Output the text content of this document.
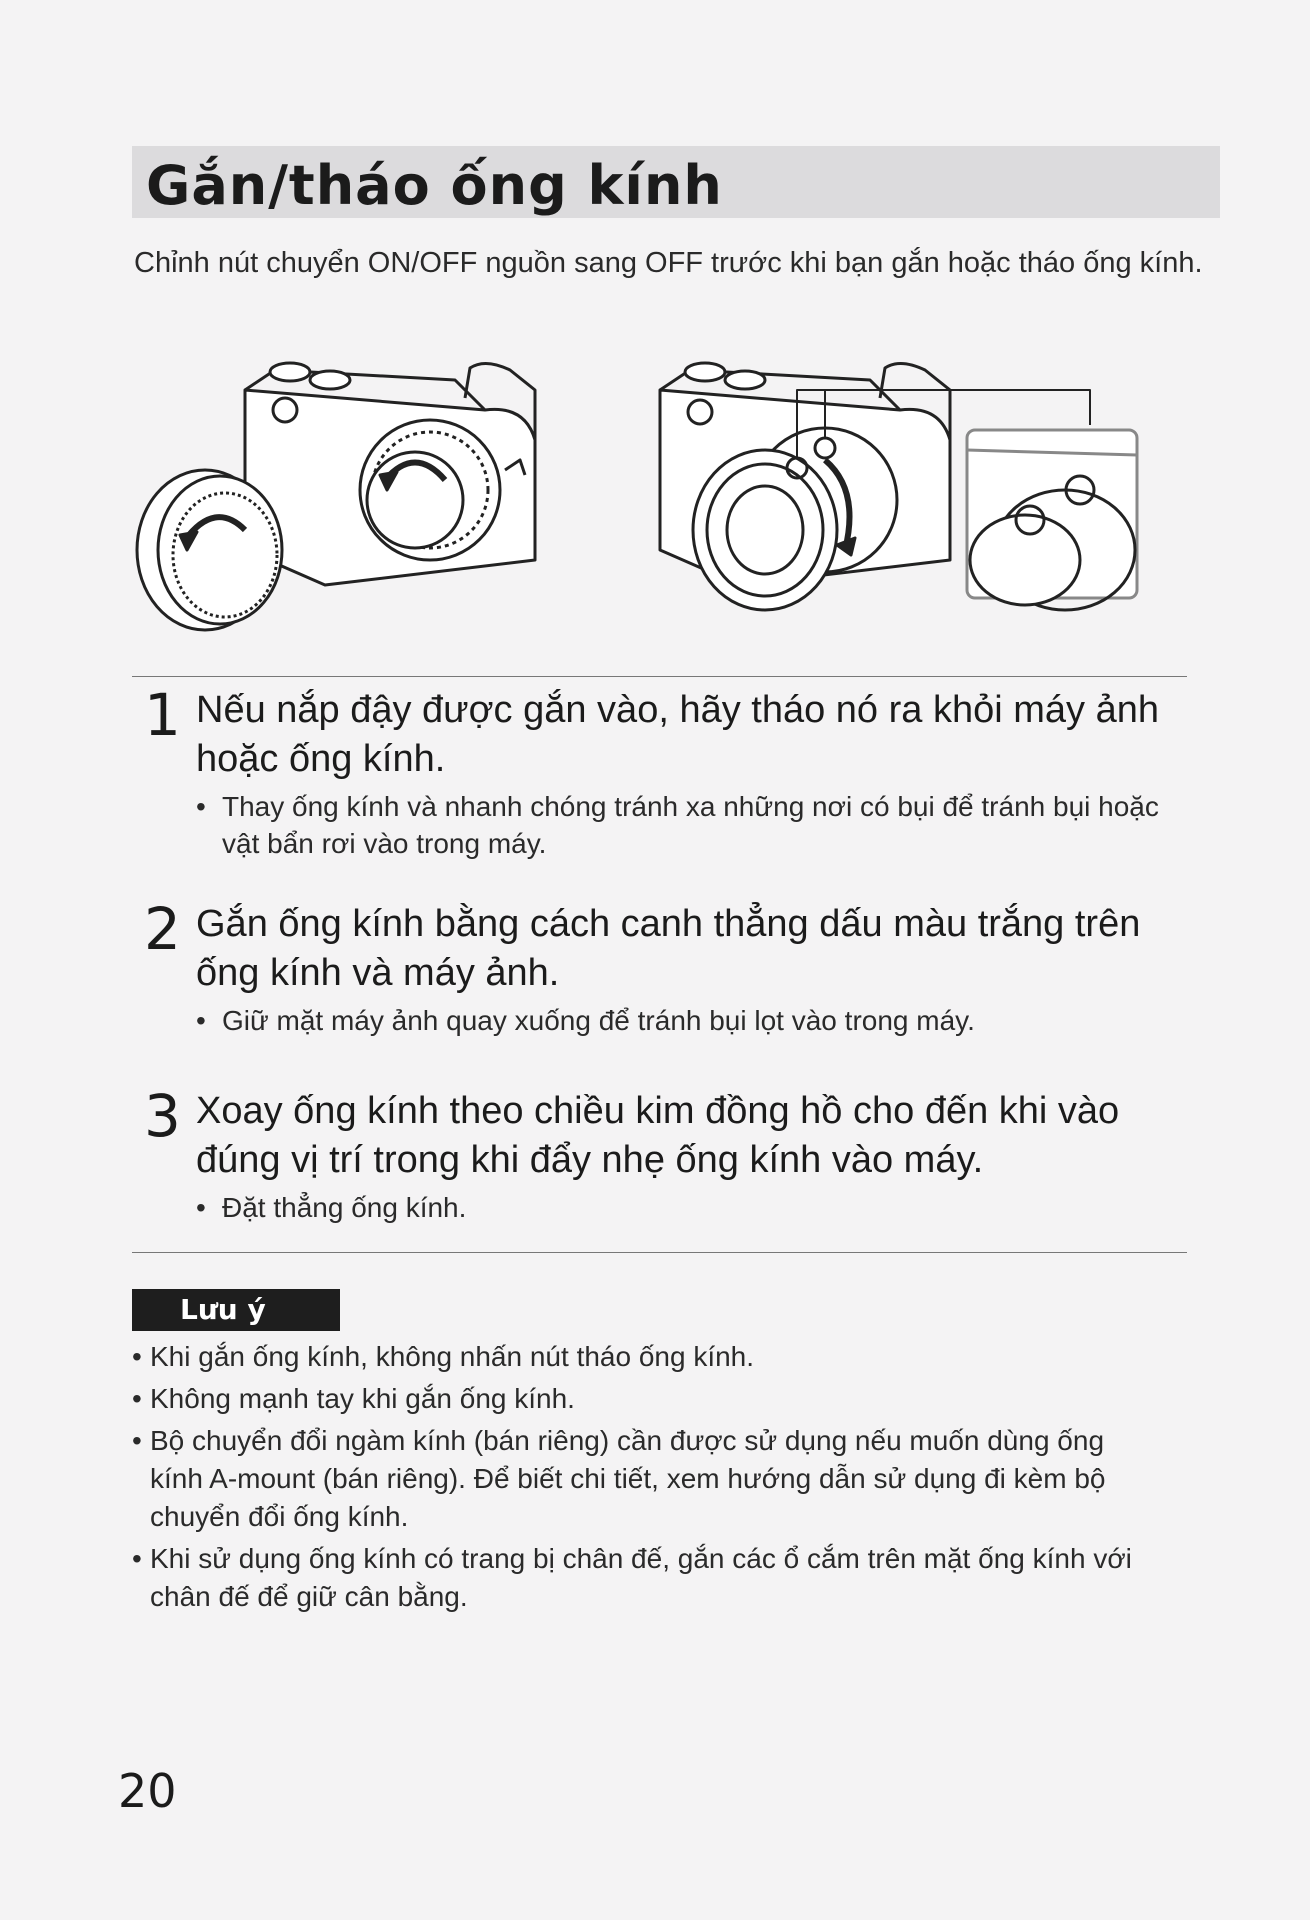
Gắn/tháo ống kính
Chỉnh nút chuyển ON/OFF nguồn sang OFF trước khi bạn gắn hoặc tháo ống kính.
1 Nếu nắp đậy được gắn vào, hãy tháo nó ra khỏi máy ảnh hoặc ống kính.
• Thay ống kính và nhanh chóng tránh xa những nơi có bụi để tránh bụi hoặc vật bẩn rơi vào trong máy.
2 Gắn ống kính bằng cách canh thẳng dấu màu trắng trên ống kính và máy ảnh.
• Giữ mặt máy ảnh quay xuống để tránh bụi lọt vào trong máy.
3 Xoay ống kính theo chiều kim đồng hồ cho đến khi vào đúng vị trí trong khi đẩy nhẹ ống kính vào máy.
• Đặt thẳng ống kính.
Lưu ý
• Khi gắn ống kính, không nhấn nút tháo ống kính.
• Không mạnh tay khi gắn ống kính.
• Bộ chuyển đổi ngàm kính (bán riêng) cần được sử dụng nếu muốn dùng ống kính A-mount (bán riêng). Để biết chi tiết, xem hướng dẫn sử dụng đi kèm bộ chuyển đổi ống kính.
• Khi sử dụng ống kính có trang bị chân đế, gắn các ổ cắm trên mặt ống kính với chân đế để giữ cân bằng.
20
